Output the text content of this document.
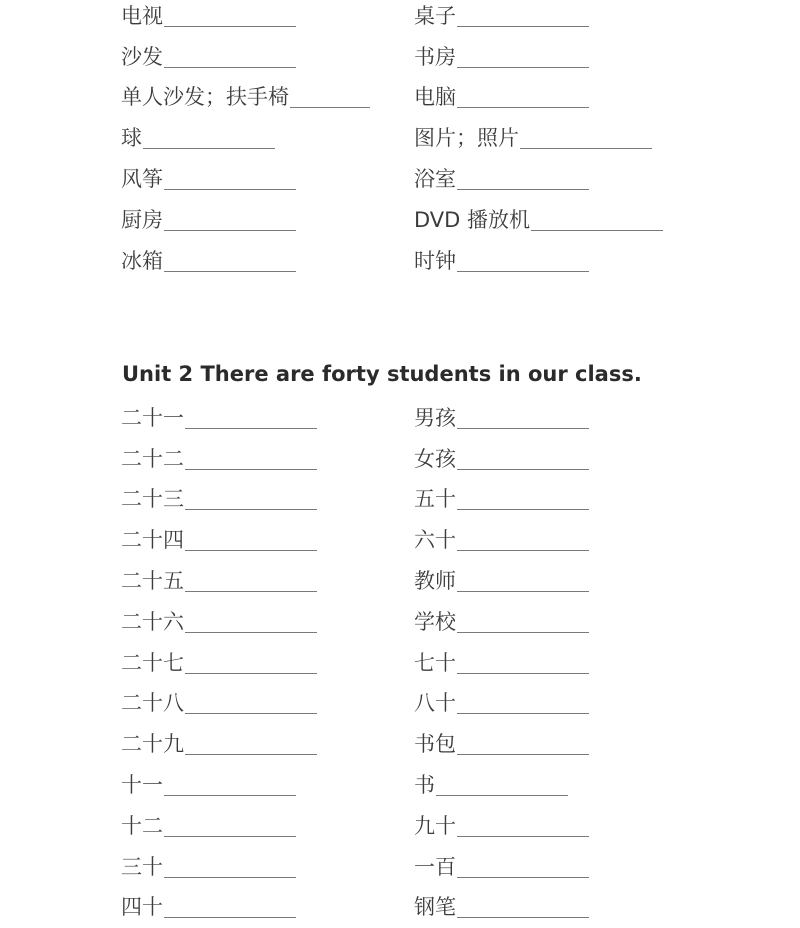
电视
沙发
单人沙发；扶手椅
球
风筝
厨房
冰箱
桌子
书房
电脑
图片；照片
浴室
DVD 播放机
时钟
Unit 2 There are forty students in our class.
二十一
二十二
二十三
二十四
二十五
二十六
二十七
二十八
二十九
十一
十二
三十
四十
男孩
女孩
五十
六十
教师
学校
七十
八十
书包
书
九十
一百
钢笔
